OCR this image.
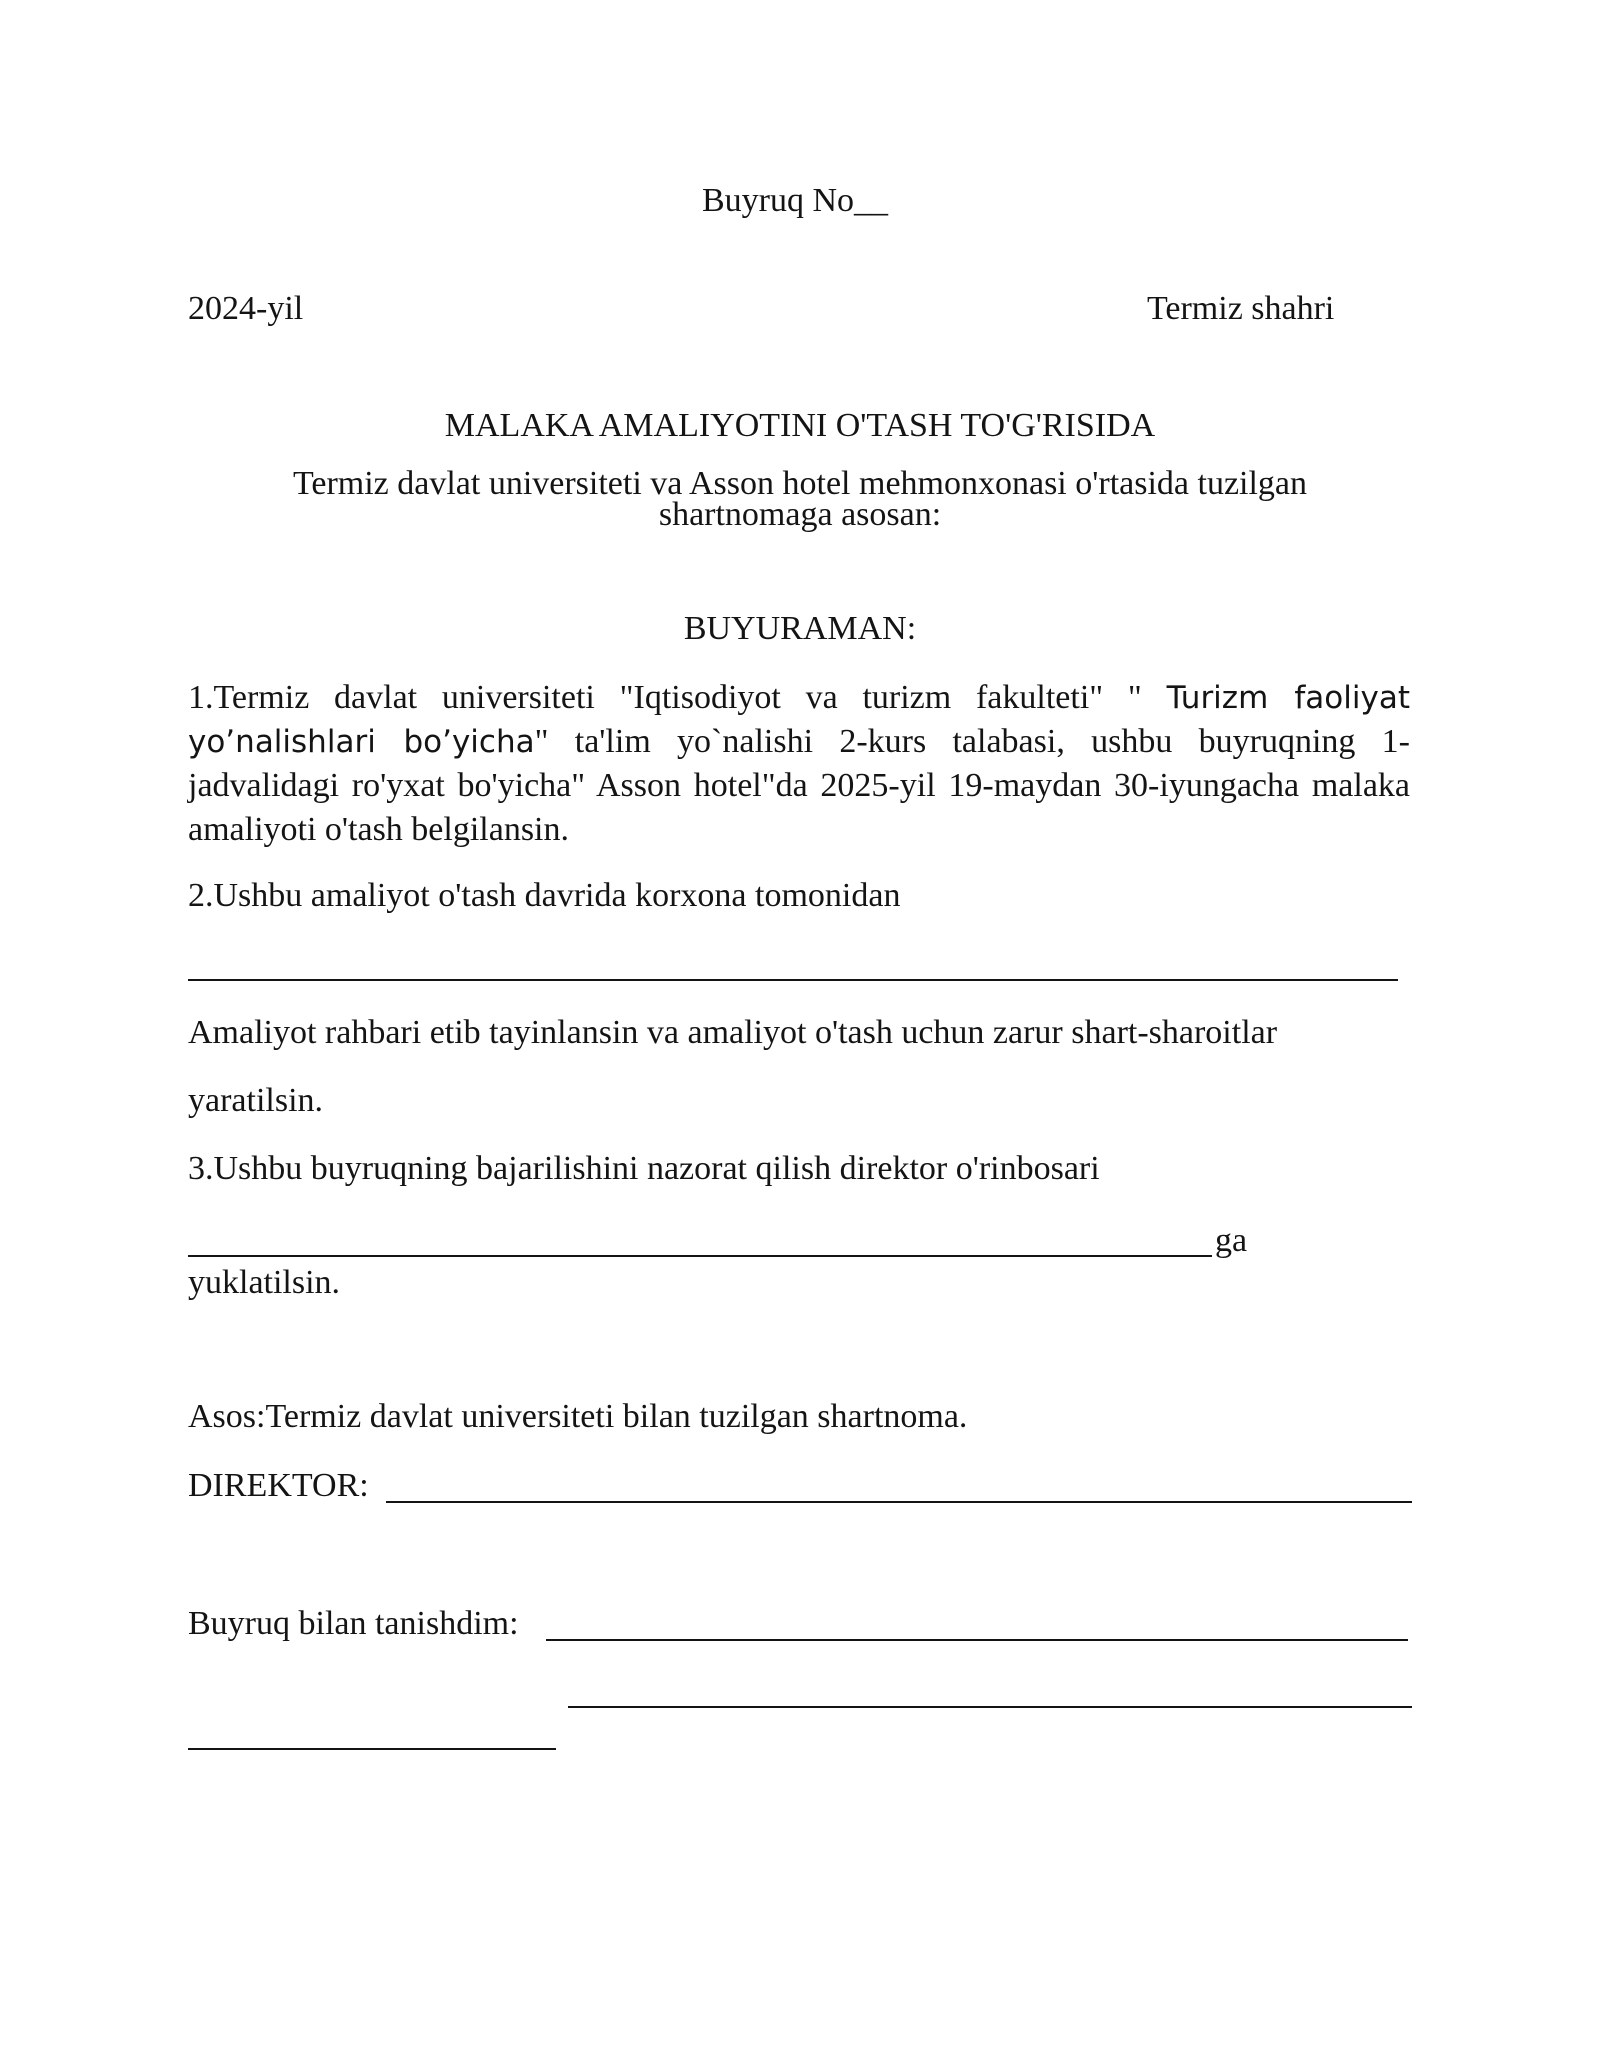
Buyruq No__
2024-yil	Termiz shahri
MALAKA AMALIYOTINI O'TASH TO'G'RISIDA
Termiz davlat universiteti va Asson hotel mehmonxonasi o'rtasida tuzilgan
shartnomaga asosan:
BUYURAMAN:
1.Termiz davlat universiteti "Iqtisodiyot va turizm fakulteti" " Turizm faoliyat yo’nalishlari bo’yicha" ta'lim yo`nalishi 2-kurs talabasi, ushbu buyruqning 1-jadvalidagi ro'yxat bo'yicha" Asson hotel"da 2025-yil 19-maydan 30-iyungacha malaka amaliyoti o'tash belgilansin.
2.Ushbu amaliyot o'tash davrida korxona tomonidan
Amaliyot rahbari etib tayinlansin va amaliyot o'tash uchun zarur shart-sharoitlar
yaratilsin.
3.Ushbu buyruqning bajarilishini nazorat qilish direktor o'rinbosari
ga
yuklatilsin.
Asos:Termiz davlat universiteti bilan tuzilgan shartnoma.
DIREKTOR:
Buyruq bilan tanishdim:
